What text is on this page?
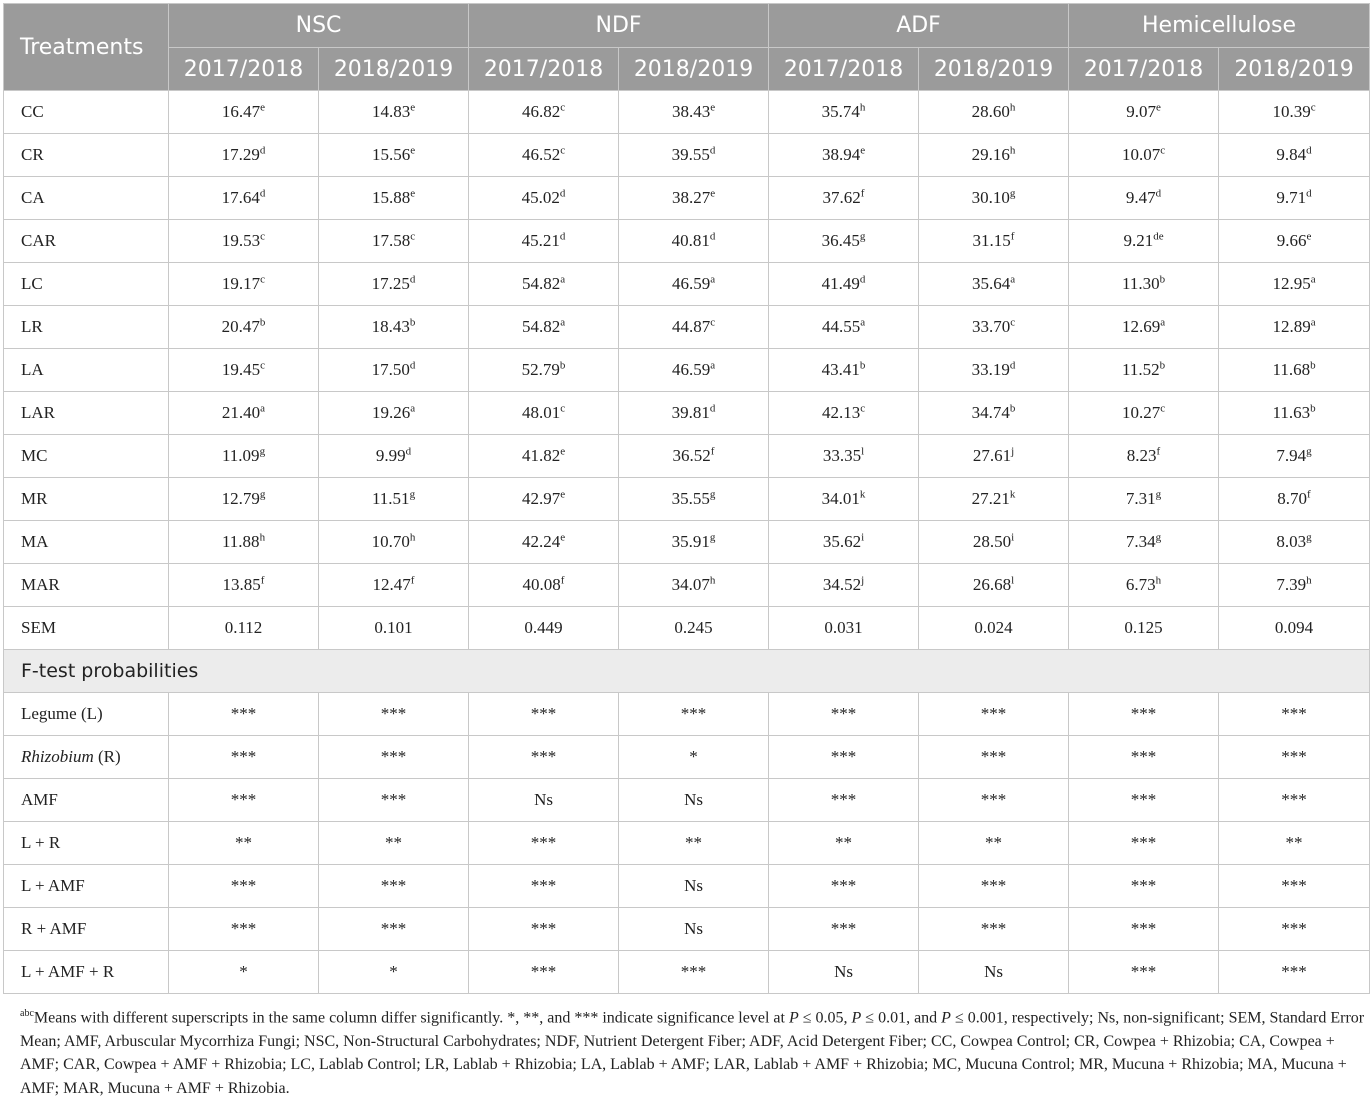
Treatments	NSC		NDF		ADF		Hemicellulose	
	2017/2018	2018/2019	2017/2018	2018/2019	2017/2018	2018/2019	2017/2018	2018/2019
CC	16.47e	14.83e	46.82$^c$	38.43e	35.74$^h$	28.60$^h$	9.07e	10.39$^c$
CR	17.29$^d$	15.56e	46.52$^c$	39.55$^d$	38.94e	29.16$^h$	10.07$^c$	9.84$^d$
CA	17.64$^d$	15.88e	45.02$^d$	38.27e	37.62$^f$	30.10$^g$	9.47$^d$	9.71$^d$
CAR	19.53$^c$	17.58$^c$	45.21$^d$	40.81$^d$	36.45$^g$	31.15$^f$	9.21de	9.66e
LC	19.17$^c$	17.25$^d$	54.82$^a$	46.59$^a$	41.49$^d$	35.64$^a$	11.30$^b$	12.95$^a$
LR	20.47$^b$	18.43$^b$	54.82$^a$	44.87$^c$	44.55$^a$	33.70$^c$	12.69$^a$	12.89$^a$
LA	19.45$^c$	17.50$^d$	52.79$^b$	46.59$^a$	43.41$^b$	33.19$^d$	11.52$^b$	11.68$^b$
LAR	21.40$^a$	19.26$^a$	48.01$^c$	39.81$^d$	42.13$^c$	34.74$^b$	10.27$^c$	11.63$^b$
MC	11.09$^g$	9.99$^d$	41.82e	36.52$^f$	33.35$^l$	27.61$^j$	8.23$^f$	7.94$^g$
MR	12.79$^g$	11.51$^g$	42.97e	35.55$^g$	34.01$^k$	27.21$^k$	7.31$^g$	8.70$^f$
MA	11.88$^h$	10.70$^h$	42.24e	35.91$^g$	35.62$^i$	28.50$^i$	7.34$^g$	8.03$^g$
MAR	13.85$^f$	12.47$^f$	40.08$^f$	34.07$^h$	34.52$^j$	26.68$^l$	6.73$^h$	7.39$^h$
SEM	0.112	0.101	0.449	0.245	0.031	0.024	0.125	0.094
F-test probabilities								
Legume (L)	***	***	***	***	***	***	***	***
Rhizobium (R)	***	***	***	*	***	***	***	***
AMF	***	***	Ns	Ns	***	***	***	***
L + R	**	**	***	**	**	**	***	**
L + AMF	***	***	***	Ns	***	***	***	***
R + AMF	***	***	***	Ns	***	***	***	***
L + AMF + R	*	*	***	***	Ns	Ns	***	***
$^{abc}$Means with different superscripts in the same column differ significantly. *, **, and *** indicate significance level at P ≤ 0.05, P ≤ 0.01, and P ≤ 0.001, respectively; Ns, non-significant; SEM, Standard Error Mean; AMF, Arbuscular Mycorrhiza Fungi; NSC, Non-Structural Carbohydrates; NDF, Nutrient Detergent Fiber; ADF, Acid Detergent Fiber; CC, Cowpea Control; CR, Cowpea + Rhizobia; CA, Cowpea + AMF; CAR, Cowpea + AMF + Rhizobia; LC, Lablab Control; LR, Lablab + Rhizobia; LA, Lablab + AMF; LAR, Lablab + AMF + Rhizobia; MC, Mucuna Control; MR, Mucuna + Rhizobia; MA, Mucuna + AMF; MAR, Mucuna + AMF + Rhizobia.
